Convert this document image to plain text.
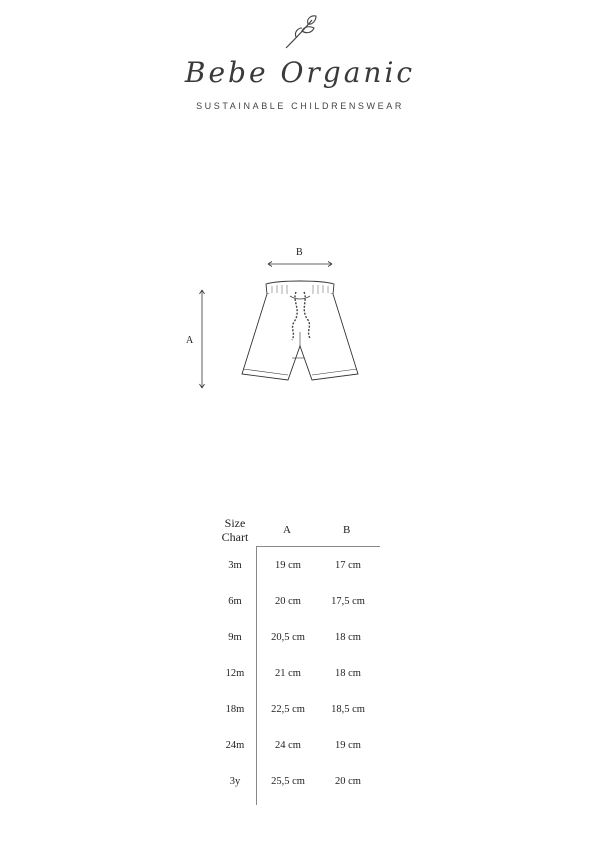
Bebe Organic
SUSTAINABLE CHILDRENSWEAR
B
A
Size
Chart	A	B
3m	19 cm	17 cm
6m	20 cm	17,5 cm
9m	20,5 cm	18 cm
12m	21 cm	18 cm
18m	22,5 cm	18,5 cm
24m	24 cm	19 cm
3y	25,5 cm	20 cm
